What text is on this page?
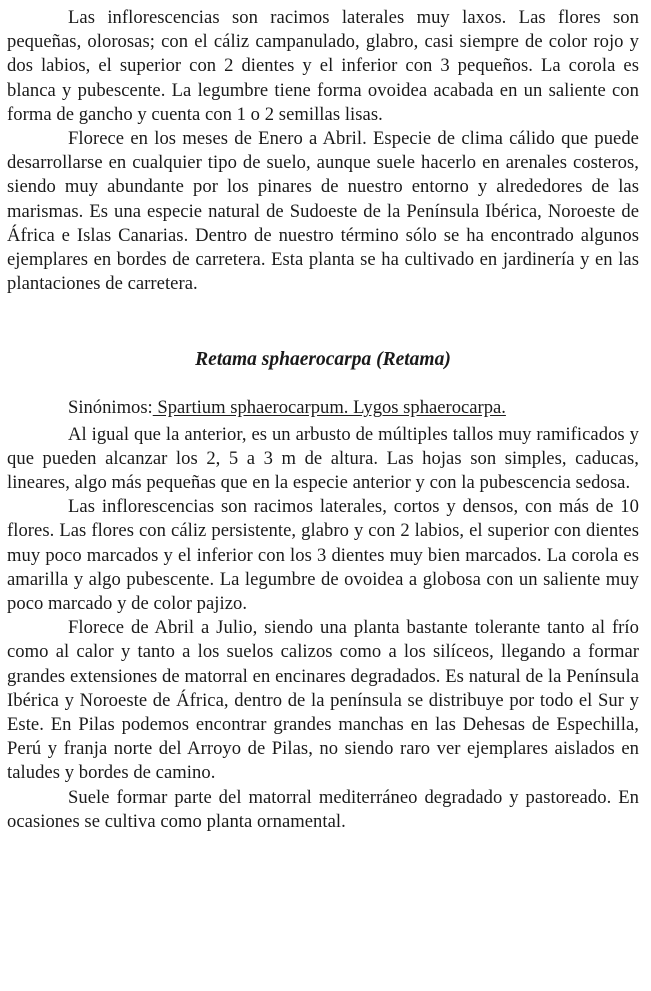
Las inflorescencias son racimos laterales muy laxos. Las flores son pequeñas, olorosas; con el cáliz campanulado, glabro, casi siempre de color rojo y dos labios, el superior con 2 dientes y el inferior con 3 pequeños. La corola es blanca y pubescente. La legumbre tiene forma ovoidea acabada en un saliente con forma de gancho y cuenta con 1 o 2 semillas lisas.

Florece en los meses de Enero a Abril. Especie de clima cálido que puede desarrollarse en cualquier tipo de suelo, aunque suele hacerlo en arenales costeros, siendo muy abundante por los pinares de nuestro entorno y alrededores de las marismas. Es una especie natural de Sudoeste de la Península Ibérica, Noroeste de África e Islas Canarias. Dentro de nuestro término sólo se ha encontrado algunos ejemplares en bordes de carretera. Esta planta se ha cultivado en jardinería y en las plantaciones de carretera.

Retama sphaerocarpa (Retama)

Sinónimos: Spartium sphaerocarpum. Lygos sphaerocarpa.

Al igual que la anterior, es un arbusto de múltiples tallos muy ramificados y que pueden alcanzar los 2, 5 a 3 m de altura. Las hojas son simples, caducas, lineares, algo más pequeñas que en la especie anterior y con la pubescencia sedosa.

Las inflorescencias son racimos laterales, cortos y densos, con más de 10 flores. Las flores con cáliz persistente, glabro y con 2 labios, el superior con dientes muy poco marcados y el inferior con los 3 dientes muy bien marcados. La corola es amarilla y algo pubescente. La legumbre de ovoidea a globosa con un saliente muy poco marcado y de color pajizo.

Florece de Abril a Julio, siendo una planta bastante tolerante tanto al frío como al calor y tanto a los suelos calizos como a los silíceos, llegando a formar grandes extensiones de matorral en encinares degradados. Es natural de la Península Ibérica y Noroeste de África, dentro de la península se distribuye por todo el Sur y Este. En Pilas podemos encontrar grandes manchas en las Dehesas de Espechilla, Perú y franja norte del Arroyo de Pilas, no siendo raro ver ejemplares aislados en taludes y bordes de camino.

Suele formar parte del matorral mediterráneo degradado y pastoreado. En ocasiones se cultiva como planta ornamental.
